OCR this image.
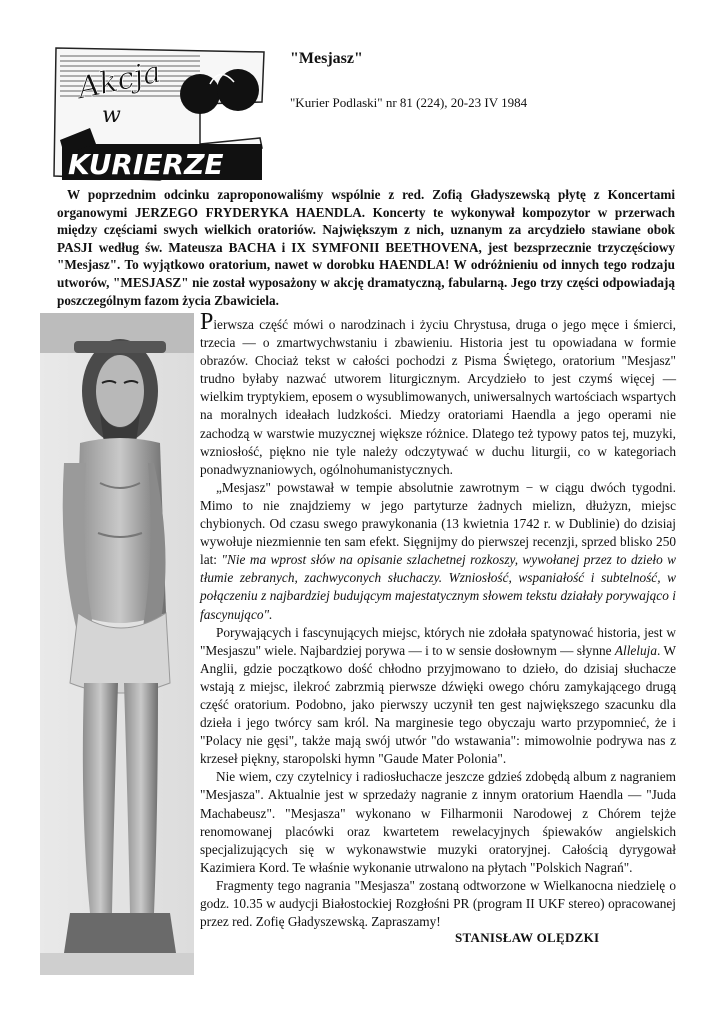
Akcja
w
KURIERZE
"Mesjasz"
"Kurier Podlaski" nr 81 (224), 20-23 IV 1984
W poprzednim odcinku zaproponowaliśmy wspólnie z red. Zofią Gładyszewską płytę z Koncertami organowymi JERZEGO FRYDERYKA HAENDLA. Koncerty te wykonywał kompozytor w przerwach między częściami swych wielkich oratoriów. Największym z nich, uznanym za arcydzieło stawiane obok PASJI według św. Mateusza BACHA i IX SYMFONII BEETHOVENA, jest bezsprzecznie trzyczęściowy "Mesjasz". To wyjątkowo oratorium, nawet w dorobku HAENDLA! W odróżnieniu od innych tego rodzaju utworów, "MESJASZ" nie został wyposażony w akcję dramatyczną, fabularną. Jego trzy części odpowiadają poszczególnym fazom życia Zbawiciela.

Pierwsza część mówi o narodzinach i życiu Chrystusa, druga o jego męce i śmierci, trzecia — o zmartwychwstaniu i zbawieniu. Historia jest tu opowiadana w formie obrazów. Chociaż tekst w całości pochodzi z Pisma Świętego, oratorium "Mesjasz" trudno byłaby nazwać utworem liturgicznym. Arcydzieło to jest czymś więcej — wielkim tryptykiem, eposem o wysublimowanych, uniwersalnych wartościach wspartych na moralnych ideałach ludzkości. Miedzy oratoriami Haendla a jego operami nie zachodzą w warstwie muzycznej większe różnice. Dlatego też typowy patos tej, muzyki, wzniosłość, piękno nie tyle należy odczytywać w duchu liturgii, co w kategoriach ponadwyznaniowych, ogólnohumanistycznych.

„Mesjasz" powstawał w tempie absolutnie zawrotnym − w ciągu dwóch tygodni. Mimo to nie znajdziemy w jego partyturze żadnych mielizn, dłużyzn, miejsc chybionych. Od czasu swego prawykonania (13 kwietnia 1742 r. w Dublinie) do dzisiaj wywołuje niezmiennie ten sam efekt. Sięgnijmy do pierwszej recenzji, sprzed blisko 250 lat: "Nie ma wprost słów na opisanie szlachetnej rozkoszy, wywołanej przez to dzieło w tłumie zebranych, zachwyconych słuchaczy. Wzniosłość, wspaniałość i subtelność, w połączeniu z najbardziej budującym majestatycznym słowem tekstu działały porywająco i fascynująco".

Porywających i fascynujących miejsc, których nie zdołała spatynować historia, jest w "Mesjaszu" wiele. Najbardziej porywa — i to w sensie dosłownym — słynne Alleluja. W Anglii, gdzie początkowo dość chłodno przyjmowano to dzieło, do dzisiaj słuchacze wstają z miejsc, ilekroć zabrzmią pierwsze dźwięki owego chóru zamykającego drugą część oratorium. Podobno, jako pierwszy uczynił ten gest największego szacunku dla dzieła i jego twórcy sam król. Na marginesie tego obyczaju warto przypomnieć, że i "Polacy nie gęsi", także mają swój utwór "do wstawania": mimowolnie podrywa nas z krzeseł piękny, staropolski hymn "Gaude Mater Polonia".

Nie wiem, czy czytelnicy i radiosłuchacze jeszcze gdzieś zdobędą album z nagraniem "Mesjasza". Aktualnie jest w sprzedaży nagranie z innym oratorium Haendla — "Juda Machabeusz". "Mesjasza" wykonano w Filharmonii Narodowej z Chórem tejże renomowanej placówki oraz kwartetem rewelacyjnych śpiewaków angielskich specjalizujących się w wykonawstwie muzyki oratoryjnej. Całością dyrygował Kazimiera Kord. Te właśnie wykonanie utrwalono na płytach "Polskich Nagrań".

Fragmenty tego nagrania "Mesjasza" zostaną odtworzone w Wielkanocna niedzielę o godz. 10.35 w audycji Białostockiej Rozgłośni PR (program II UKF stereo) opracowanej przez red. Zofię Gładyszewską. Zapraszamy!

STANISŁAW OLĘDZKI
